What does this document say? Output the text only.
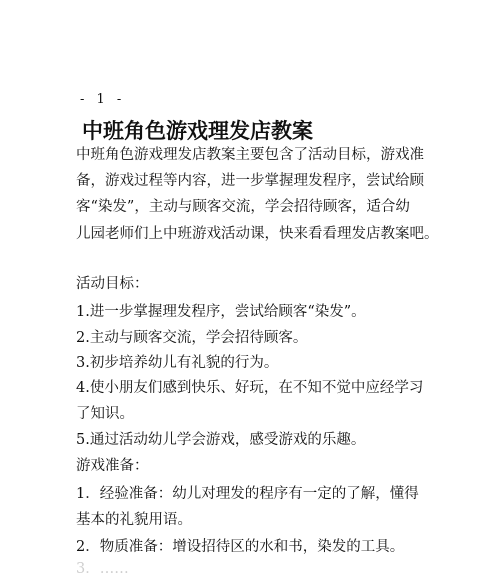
- 1 -
中班角色游戏理发店教案
中班角色游戏理发店教案主要包含了活动目标，游戏准
备，游戏过程等内容，进一步掌握理发程序，尝试给顾
客“染发”，主动与顾客交流，学会招待顾客，适合幼
儿园老师们上中班游戏活动课，快来看看理发店教案吧。
活动目标：
1.进一步掌握理发程序，尝试给顾客“染发”。
2.主动与顾客交流，学会招待顾客。
3.初步培养幼儿有礼貌的行为。
4.使小朋友们感到快乐、好玩，在不知不觉中应经学习
了知识。
5.通过活动幼儿学会游戏，感受游戏的乐趣。
游戏准备：
1．经验准备：幼儿对理发的程序有一定的了解，懂得
基本的礼貌用语。
2．物质准备：增设招待区的水和书，染发的工具。
3．……
